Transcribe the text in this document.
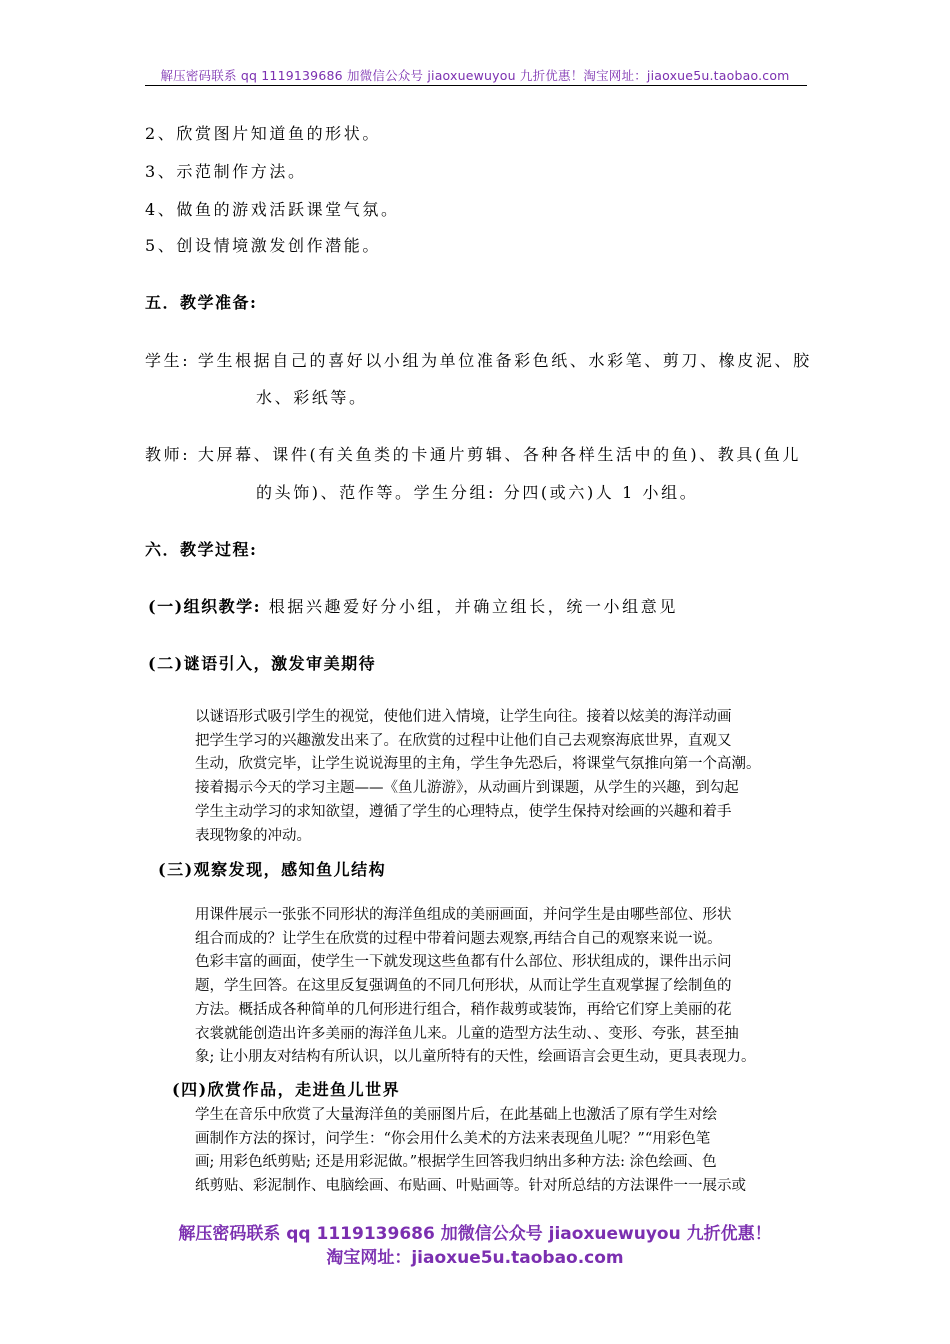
解压密码联系 qq 1119139686 加微信公众号 jiaoxuewuyou 九折优惠！淘宝网址：jiaoxue5u.taobao.com
2、欣赏图片知道鱼的形状。
3、示范制作方法。
4、做鱼的游戏活跃课堂气氛。
5、创设情境激发创作潜能。
五．教学准备:
学生: 学生根据自己的喜好以小组为单位准备彩色纸、水彩笔、剪刀、橡皮泥、胶
水、彩纸等。
教师: 大屏幕、课件(有关鱼类的卡通片剪辑、各种各样生活中的鱼)、教具(鱼儿
的头饰)、范作等。学生分组: 分四(或六)人 1 小组。
六．教学过程:
(一)组织教学: 根据兴趣爱好分小组，并确立组长，统一小组意见
(二)谜语引入，激发审美期待
以谜语形式吸引学生的视觉，使他们进入情境，让学生向往。接着以炫美的海洋动画
把学生学习的兴趣激发出来了。在欣赏的过程中让他们自己去观察海底世界，直观又
生动，欣赏完毕，让学生说说海里的主角，学生争先恐后，将课堂气氛推向第一个高潮。
接着揭示今天的学习主题——《鱼儿游游》，从动画片到课题，从学生的兴趣，到勾起
学生主动学习的求知欲望，遵循了学生的心理特点，使学生保持对绘画的兴趣和着手
表现物象的冲动。
(三)观察发现，感知鱼儿结构
用课件展示一张张不同形状的海洋鱼组成的美丽画面，并问学生是由哪些部位、形状
组合而成的？让学生在欣赏的过程中带着问题去观察,再结合自己的观察来说一说。
色彩丰富的画面，使学生一下就发现这些鱼都有什么部位、形状组成的，课件出示问
题，学生回答。在这里反复强调鱼的不同几何形状，从而让学生直观掌握了绘制鱼的
方法。概括成各种简单的几何形进行组合，稍作裁剪或装饰，再给它们穿上美丽的花
衣裳就能创造出许多美丽的海洋鱼儿来。儿童的造型方法生动、、变形、夸张，甚至抽
象; 让小朋友对结构有所认识，以儿童所特有的天性，绘画语言会更生动，更具表现力。
(四)欣赏作品，走进鱼儿世界
学生在音乐中欣赏了大量海洋鱼的美丽图片后，在此基础上也激活了原有学生对绘
画制作方法的探讨，问学生：“你会用什么美术的方法来表现鱼儿呢？”“用彩色笔
画; 用彩色纸剪贴; 还是用彩泥做。”根据学生回答我归纳出多种方法: 涂色绘画、色
纸剪贴、彩泥制作、电脑绘画、布贴画、叶贴画等。针对所总结的方法课件一一展示或
解压密码联系 qq 1119139686 加微信公众号 jiaoxuewuyou 九折优惠！
淘宝网址：jiaoxue5u.taobao.com
